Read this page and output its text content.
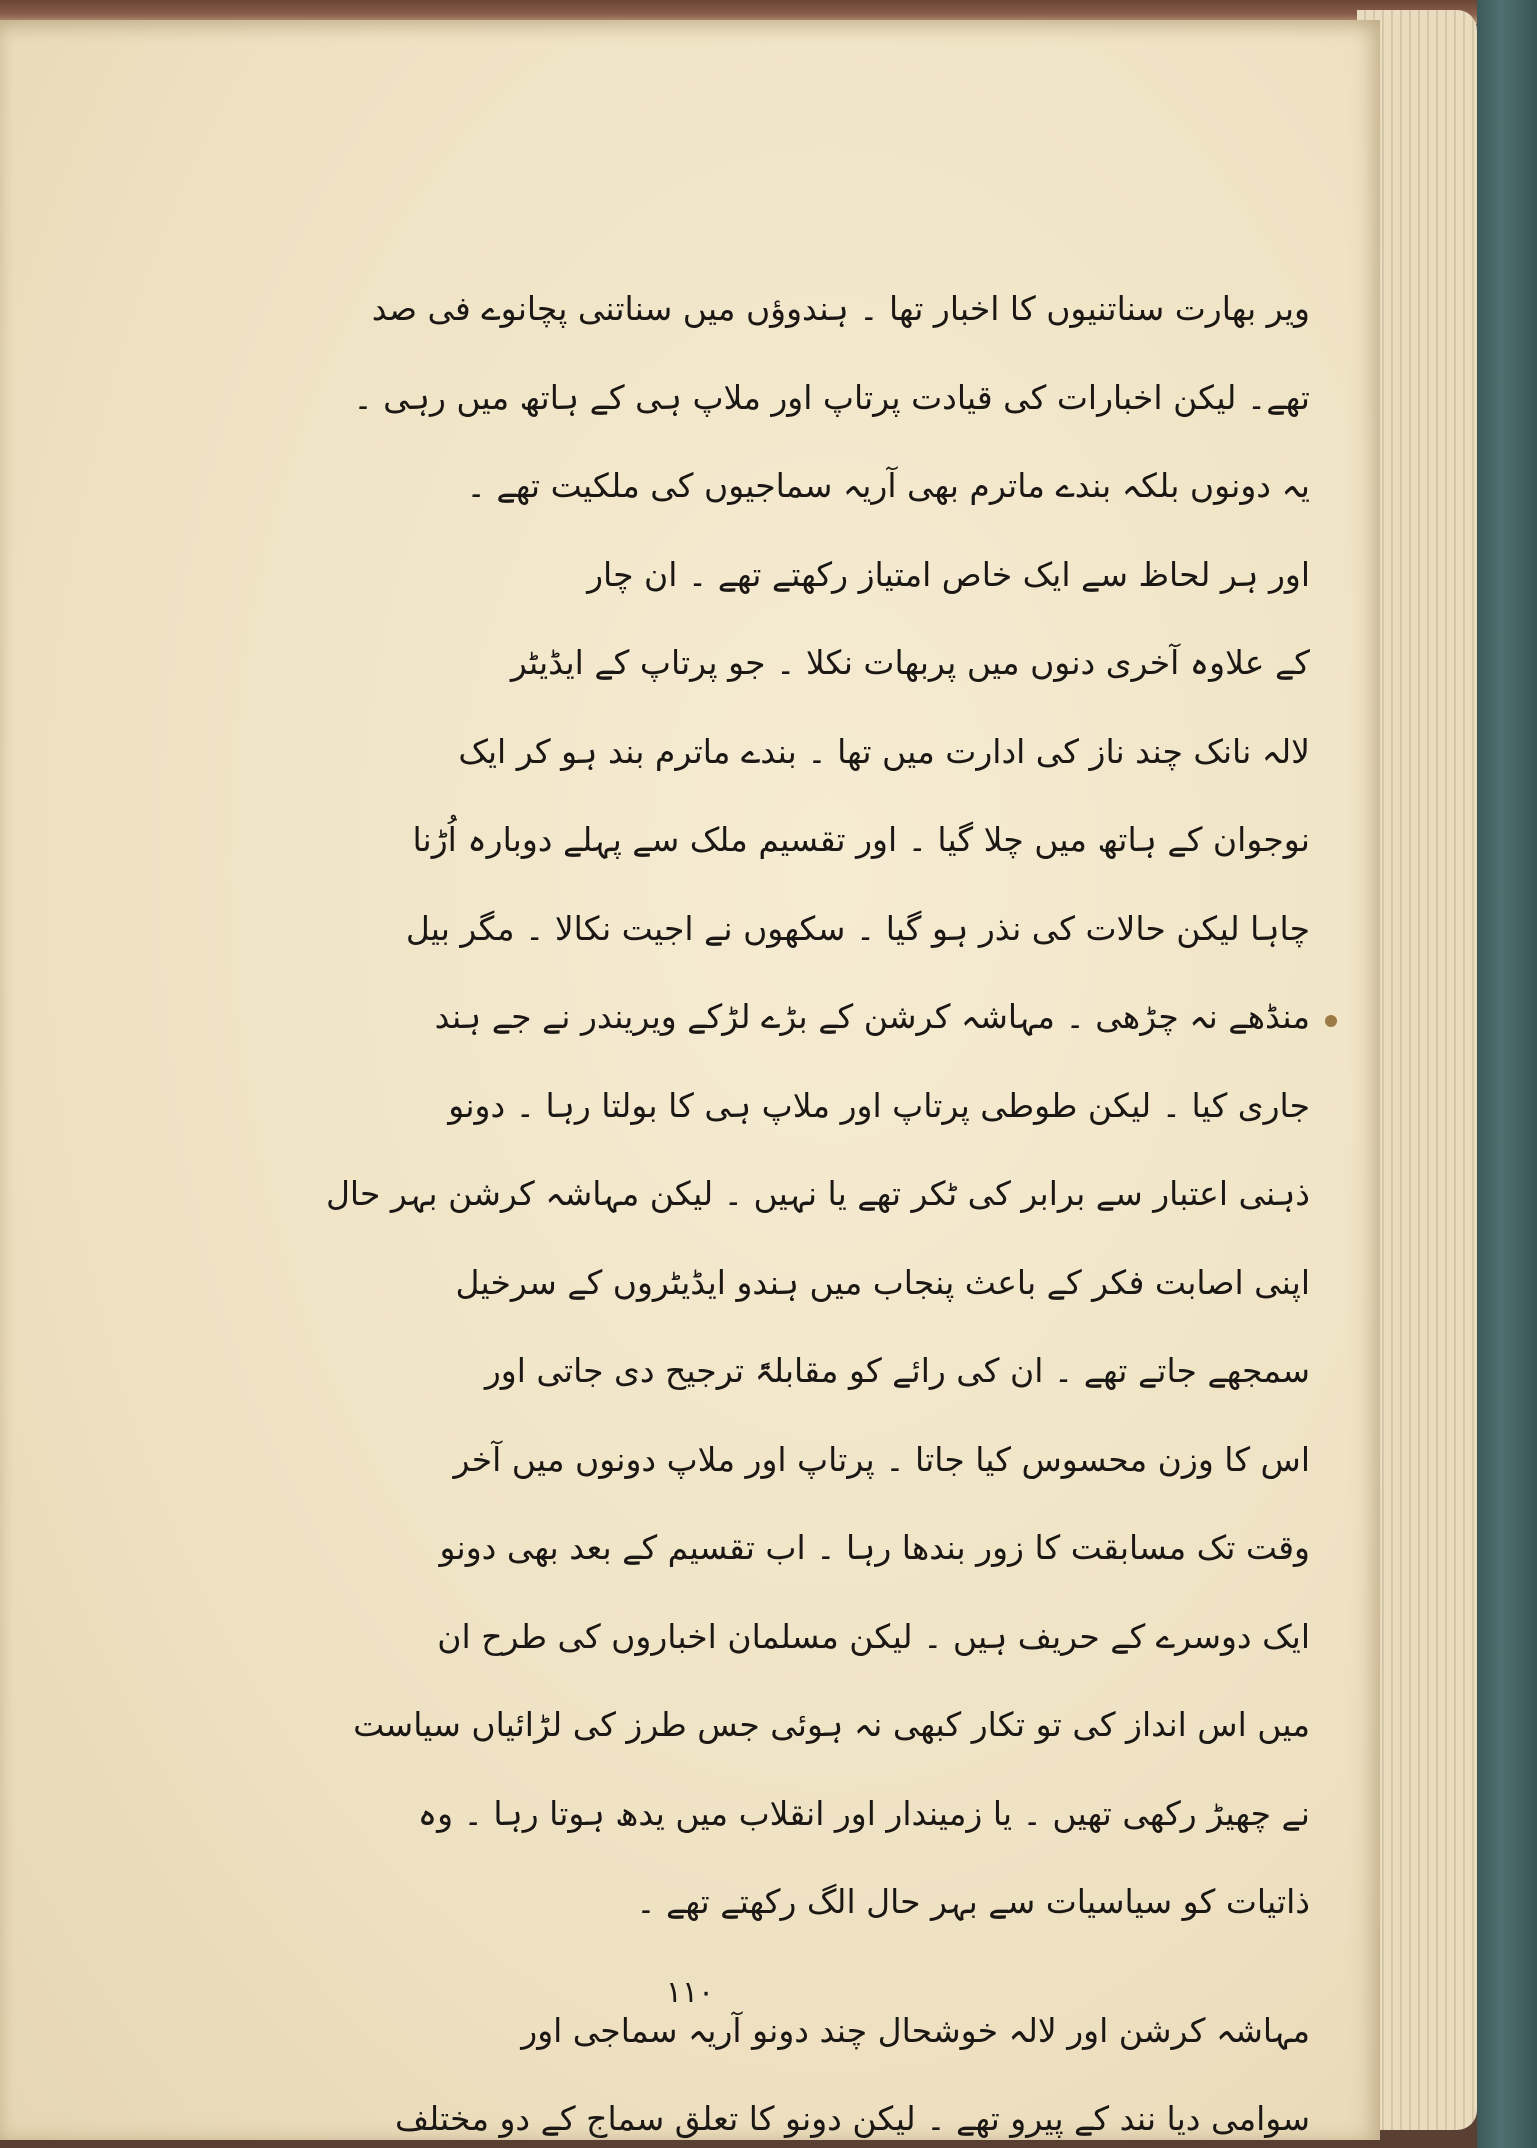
ویر بھارت سناتنیوں کا اخبار تھا ۔ ہندوؤں میں سناتنی پچانوے فی صد
تھے۔ لیکن اخبارات کی قیادت پرتاپ اور ملاپ ہی کے ہاتھ میں رہی ۔
یہ دونوں بلکہ بندے ماترم بھی آریہ سماجیوں کی ملکیت تھے ۔
اور ہر لحاظ سے ایک خاص امتیاز رکھتے تھے ۔ ان چار
کے علاوہ آخری دنوں میں پربھات نکلا ۔ جو پرتاپ کے ایڈیٹر
لالہ نانک چند ناز کی ادارت میں تھا ۔ بندے ماترم بند ہو کر ایک
نوجوان کے ہاتھ میں چلا گیا ۔ اور تقسیم ملک سے پہلے دوبارہ اُڑنا
چاہا لیکن حالات کی نذر ہو گیا ۔ سکھوں نے اجیت نکالا ۔ مگر بیل
منڈھے نہ چڑھی ۔ مہاشہ کرشن کے بڑے لڑکے ویریندر نے جے ہند
جاری کیا ۔ لیکن طوطی پرتاپ اور ملاپ ہی کا بولتا رہا ۔ دونو
ذہنی اعتبار سے برابر کی ٹکر تھے یا نہیں ۔ لیکن مہاشہ کرشن بہر حال
اپنی اصابت فکر کے باعث پنجاب میں ہندو ایڈیٹروں کے سرخیل
سمجھے جاتے تھے ۔ ان کی رائے کو مقابلۃً ترجیح دی جاتی اور
اس کا وزن محسوس کیا جاتا ۔ پرتاپ اور ملاپ دونوں میں آخر
وقت تک مسابقت کا زور بندھا رہا ۔ اب تقسیم کے بعد بھی دونو
ایک دوسرے کے حریف ہیں ۔ لیکن مسلمان اخباروں کی طرح ان
میں اس انداز کی تو تکار کبھی نہ ہوئی جس طرز کی لڑائیاں سیاست
نے چھیڑ رکھی تھیں ۔ یا زمیندار اور انقلاب میں یدھ ہوتا رہا ۔ وہ
ذاتیات کو سیاسیات سے بہر حال الگ رکھتے تھے ۔
مہاشہ کرشن اور لالہ خوشحال چند دونو آریہ سماجی اور
سوامی دیا نند کے پیرو تھے ۔ لیکن دونو کا تعلق سماج کے دو مختلف
۱۱۰
